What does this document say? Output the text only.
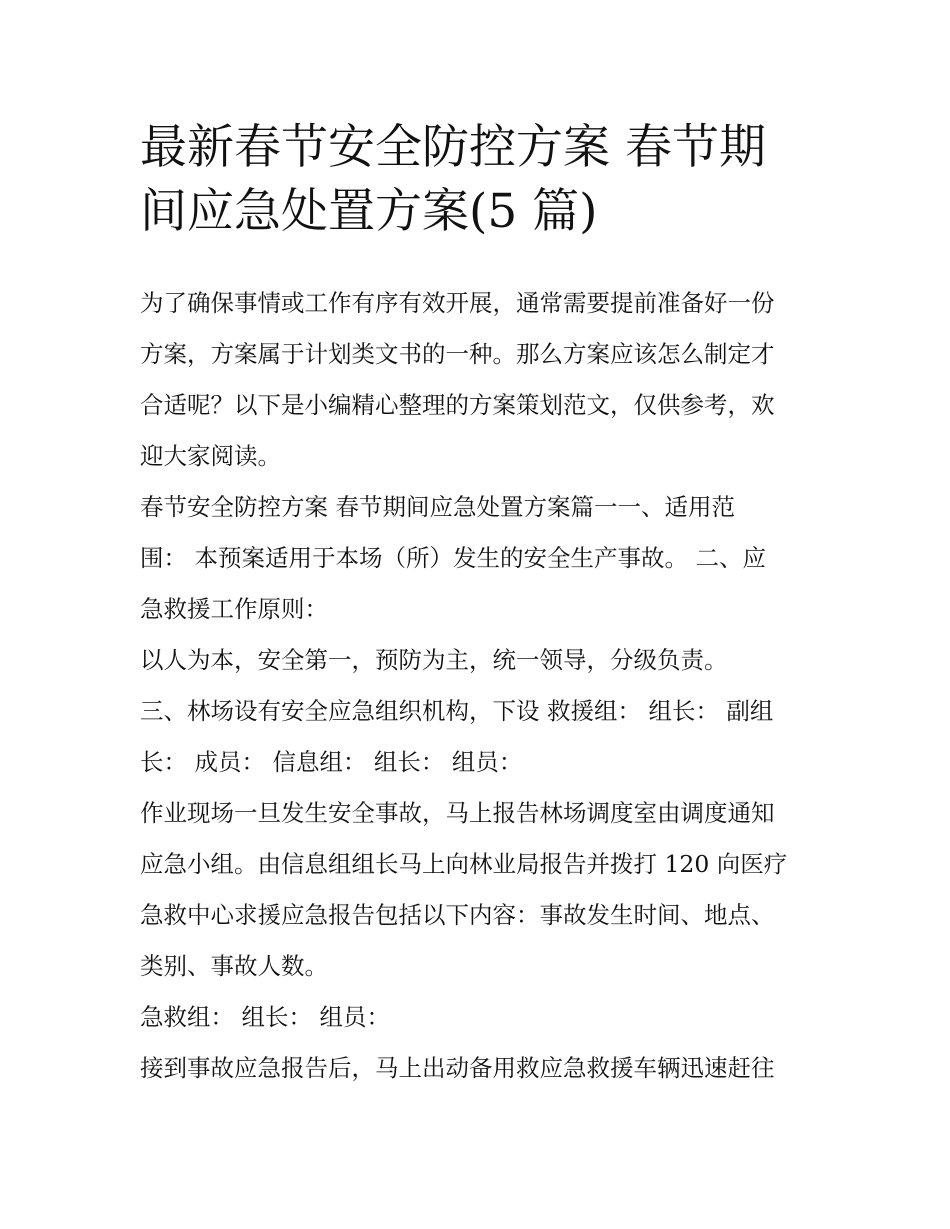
最新春节安全防控方案 春节期
间应急处置方案(5 篇)
为了确保事情或工作有序有效开展，通常需要提前准备好一份
方案，方案属于计划类文书的一种。那么方案应该怎么制定才
合适呢？以下是小编精心整理的方案策划范文，仅供参考，欢
迎大家阅读。
春节安全防控方案 春节期间应急处置方案篇一一、适用范
围： 本预案适用于本场（所）发生的安全生产事故。 二、应
急救援工作原则：
以人为本，安全第一，预防为主，统一领导，分级负责。
三、林场设有安全应急组织机构，下设 救援组： 组长： 副组
长： 成员： 信息组： 组长： 组员：
作业现场一旦发生安全事故，马上报告林场调度室由调度通知
应急小组。由信息组组长马上向林业局报告并拨打 120 向医疗
急救中心求援应急报告包括以下内容：事故发生时间、地点、
类别、事故人数。
急救组： 组长： 组员：
接到事故应急报告后，马上出动备用救应急救援车辆迅速赶往
